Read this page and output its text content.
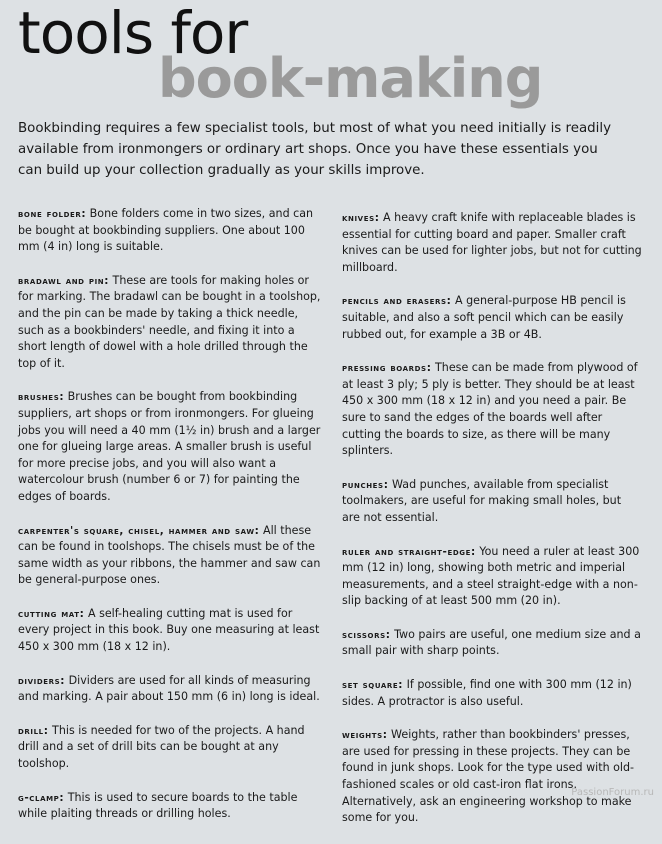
tools for
book-making
Bookbinding requires a few specialist tools, but most of what you need initially is readily available from ironmongers or ordinary art shops. Once you have these essentials you can build up your collection gradually as your skills improve.

bone folder: Bone folders come in two sizes, and can be bought at bookbinding suppliers. One about 100 mm (4 in) long is suitable.

bradawl and pin: These are tools for making holes or for marking. The bradawl can be bought in a toolshop, and the pin can be made by taking a thick needle, such as a bookbinders' needle, and fixing it into a short length of dowel with a hole drilled through the top of it.

brushes: Brushes can be bought from bookbinding suppliers, art shops or from ironmongers. For glueing jobs you will need a 40 mm (1½ in) brush and a larger one for glueing large areas. A smaller brush is useful for more precise jobs, and you will also want a watercolour brush (number 6 or 7) for painting the edges of boards.

carpenter's square, chisel, hammer and saw: All these can be found in toolshops. The chisels must be of the same width as your ribbons, the hammer and saw can be general-purpose ones.

cutting mat: A self-healing cutting mat is used for every project in this book. Buy one measuring at least 450 x 300 mm (18 x 12 in).

dividers: Dividers are used for all kinds of measuring and marking. A pair about 150 mm (6 in) long is ideal.

drill: This is needed for two of the projects. A hand drill and a set of drill bits can be bought at any toolshop.

g-clamp: This is used to secure boards to the table while plaiting threads or drilling holes.

knives: A heavy craft knife with replaceable blades is essential for cutting board and paper. Smaller craft knives can be used for lighter jobs, but not for cutting millboard.

pencils and erasers: A general-purpose HB pencil is suitable, and also a soft pencil which can be easily rubbed out, for example a 3B or 4B.

pressing boards: These can be made from plywood of at least 3 ply; 5 ply is better. They should be at least 450 x 300 mm (18 x 12 in) and you need a pair. Be sure to sand the edges of the boards well after cutting the boards to size, as there will be many splinters.

punches: Wad punches, available from specialist toolmakers, are useful for making small holes, but are not essential.

ruler and straight-edge: You need a ruler at least 300 mm (12 in) long, showing both metric and imperial measurements, and a steel straight-edge with a non-slip backing of at least 500 mm (20 in).

scissors: Two pairs are useful, one medium size and a small pair with sharp points.

set square: If possible, find one with 300 mm (12 in) sides. A protractor is also useful.

weights: Weights, rather than bookbinders' presses, are used for pressing in these projects. They can be found in junk shops. Look for the type used with old-fashioned scales or old cast-iron flat irons. Alternatively, ask an engineering workshop to make some for you.

PassionForum.ru
